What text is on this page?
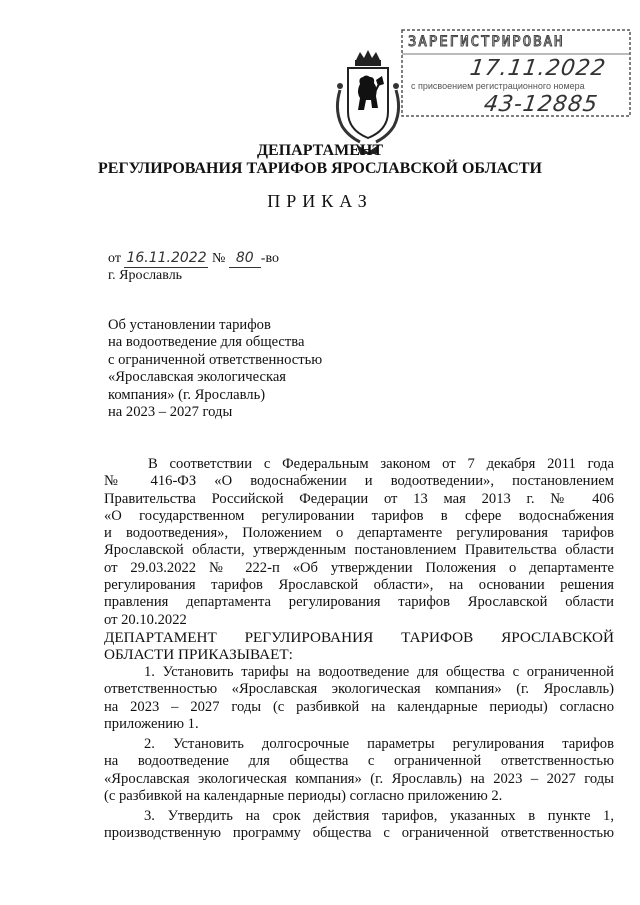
ЗАРЕГИСТРИРОВАН
17.11.2022
с присвоением регистрационного номера
43-12885
ДЕПАРТАМЕНТ
РЕГУЛИРОВАНИЯ ТАРИФОВ ЯРОСЛАВСКОЙ ОБЛАСТИ
ПРИКАЗ
от 16.11.2022 № 80 -во
г. Ярославль
Об установлении тарифов
на водоотведение для общества
с ограниченной ответственностью
«Ярославская экологическая
компания» (г. Ярославль)
на 2023 – 2027 годы
В соответствии с Федеральным законом от 7 декабря 2011 года
№ 416-ФЗ «О водоснабжении и водоотведении», постановлением
Правительства Российской Федерации от 13 мая 2013 г. № 406
«О государственном регулировании тарифов в сфере водоснабжения
и водоотведения», Положением о департаменте регулирования тарифов
Ярославской области, утвержденным постановлением Правительства области
от 29.03.2022 № 222-п «Об утверждении Положения о департаменте
регулирования тарифов Ярославской области», на основании решения
правления департамента регулирования тарифов Ярославской области
от 20.10.2022
ДЕПАРТАМЕНТ РЕГУЛИРОВАНИЯ ТАРИФОВ ЯРОСЛАВСКОЙ
ОБЛАСТИ ПРИКАЗЫВАЕТ:
1. Установить тарифы на водоотведение для общества с ограниченной
ответственностью «Ярославская экологическая компания» (г. Ярославль)
на 2023 – 2027 годы (с разбивкой на календарные периоды) согласно
приложению 1.
2. Установить долгосрочные параметры регулирования тарифов
на водоотведение для общества с ограниченной ответственностью
«Ярославская экологическая компания» (г. Ярославль) на 2023 – 2027 годы
(с разбивкой на календарные периоды) согласно приложению 2.
3. Утвердить на срок действия тарифов, указанных в пункте 1,
производственную программу общества с ограниченной ответственностью
